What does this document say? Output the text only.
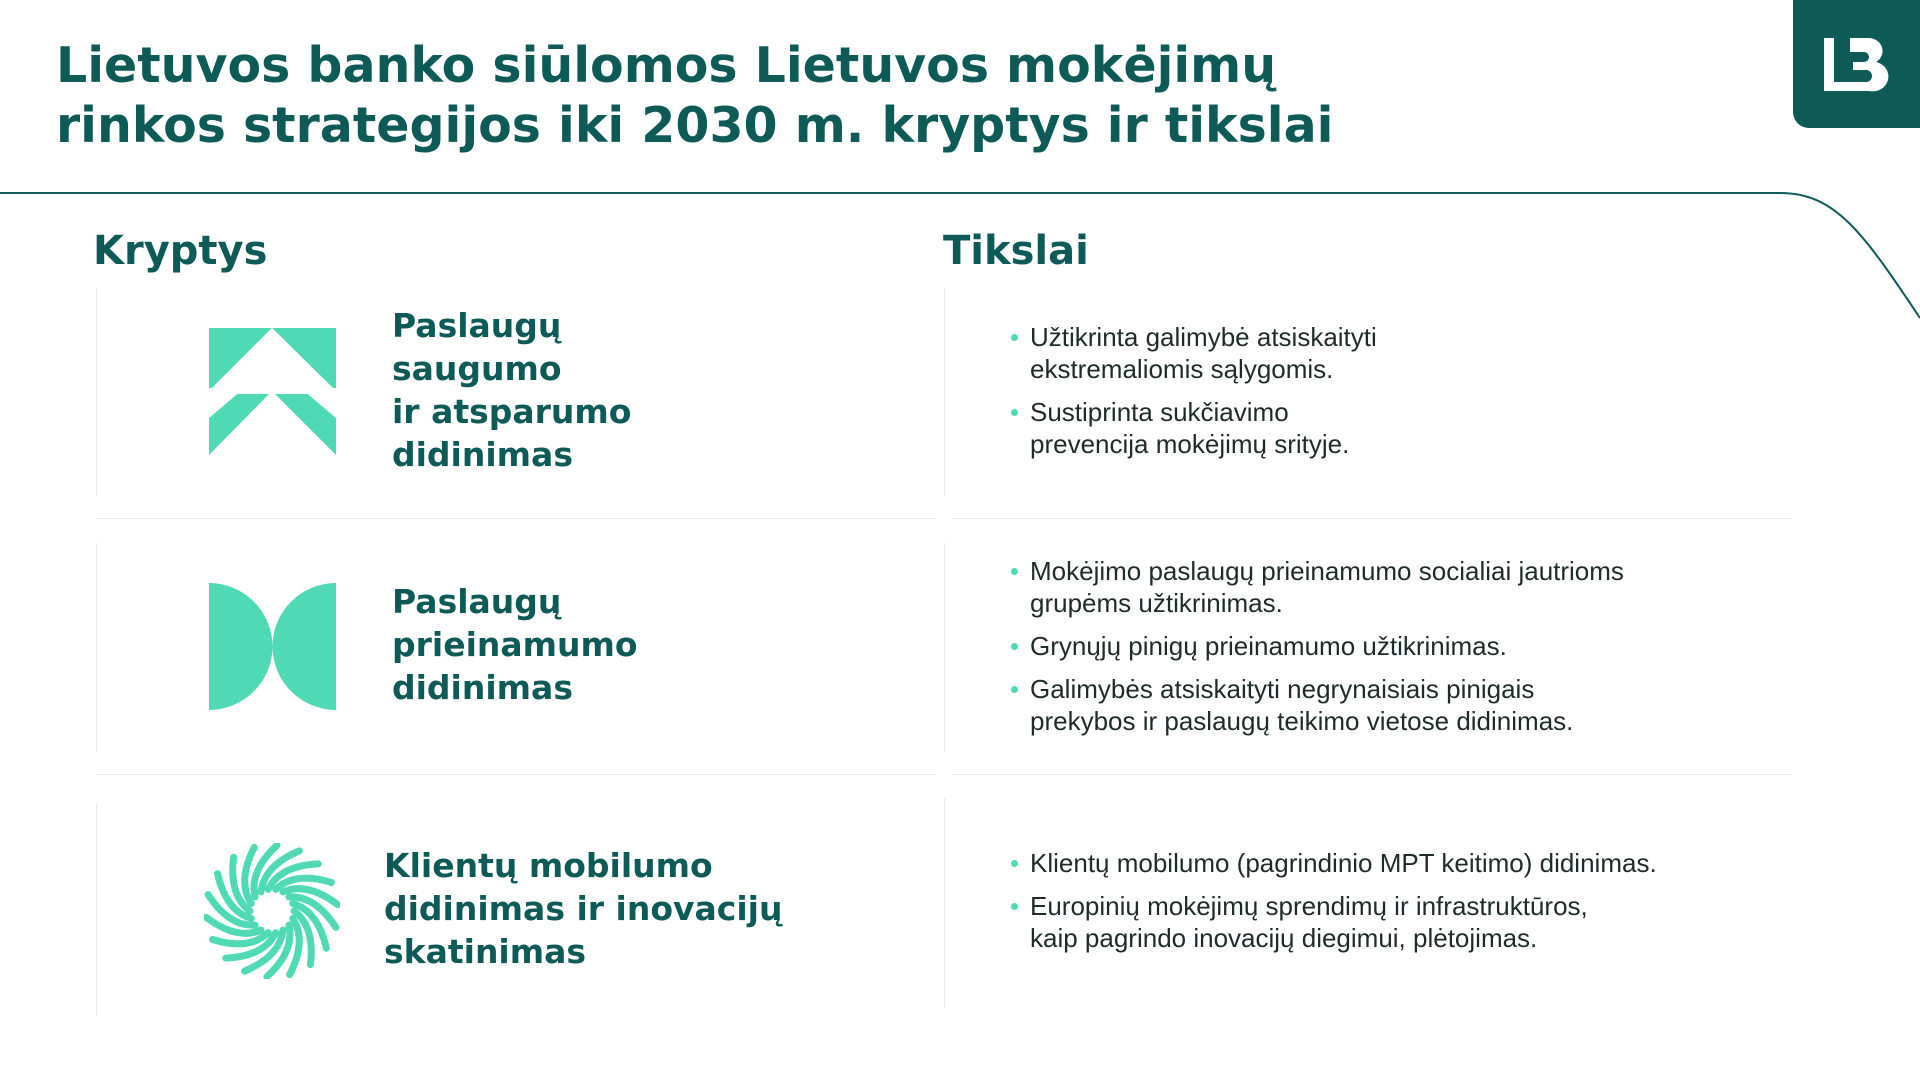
Lietuvos banko siūlomos Lietuvos mokėjimų
rinkos strategijos iki 2030 m. kryptys ir tikslai
Kryptys	Tikslai
Paslaugų
saugumo
ir atsparumo
didinimas
Užtikrinta galimybė atsiskaityti
ekstremaliomis sąlygomis.
Sustiprinta sukčiavimo
prevencija mokėjimų srityje.
Paslaugų
prieinamumo
didinimas
Mokėjimo paslaugų prieinamumo socialiai jautrioms
grupėms užtikrinimas.
Grynųjų pinigų prieinamumo užtikrinimas.
Galimybės atsiskaityti negrynaisiais pinigais
prekybos ir paslaugų teikimo vietose didinimas.
Klientų mobilumo
didinimas ir inovacijų
skatinimas
Klientų mobilumo (pagrindinio MPT keitimo) didinimas.
Europinių mokėjimų sprendimų ir infrastruktūros,
kaip pagrindo inovacijų diegimui, plėtojimas.
